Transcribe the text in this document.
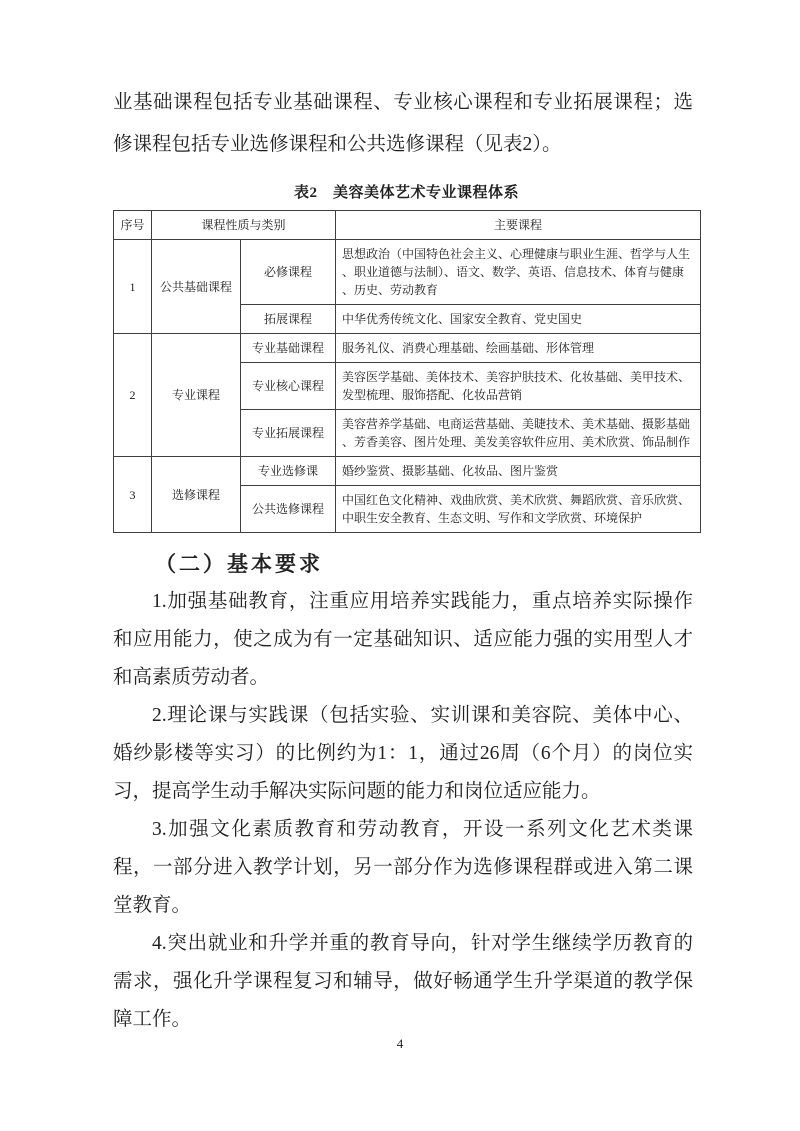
业基础课程包括专业基础课程、专业核心课程和专业拓展课程；选修课程包括专业选修课程和公共选修课程（见表2）。

表2　美容美体艺术专业课程体系
序号	课程性质与类别		主要课程
1	公共基础课程	必修课程	思想政治（中国特色社会主义、心理健康与职业生涯、哲学与人生、职业道德与法制）、语文、数学、英语、信息技术、体育与健康、历史、劳动教育
		拓展课程	中华优秀传统文化、国家安全教育、党史国史
2	专业课程	专业基础课程	服务礼仪、消费心理基础、绘画基础、形体管理
		专业核心课程	美容医学基础、美体技术、美容护肤技术、化妆基础、美甲技术、发型梳理、服饰搭配、化妆品营销
		专业拓展课程	美容营养学基础、电商运营基础、美睫技术、美术基础、摄影基础、芳香美容、图片处理、美发美容软件应用、美术欣赏、饰品制作
3	选修课程	专业选修课	婚纱鉴赏、摄影基础、化妆品、图片鉴赏
		公共选修课程	中国红色文化精神、戏曲欣赏、美术欣赏、舞蹈欣赏、音乐欣赏、中职生安全教育、生态文明、写作和文学欣赏、环境保护
（二）基本要求

1.加强基础教育，注重应用培养实践能力，重点培养实际操作和应用能力，使之成为有一定基础知识、适应能力强的实用型人才和高素质劳动者。

2.理论课与实践课（包括实验、实训课和美容院、美体中心、婚纱影楼等实习）的比例约为1：1，通过26周（6个月）的岗位实习，提高学生动手解决实际问题的能力和岗位适应能力。

3.加强文化素质教育和劳动教育，开设一系列文化艺术类课程，一部分进入教学计划，另一部分作为选修课程群或进入第二课堂教育。

4.突出就业和升学并重的教育导向，针对学生继续学历教育的需求，强化升学课程复习和辅导，做好畅通学生升学渠道的教学保障工作。

4
